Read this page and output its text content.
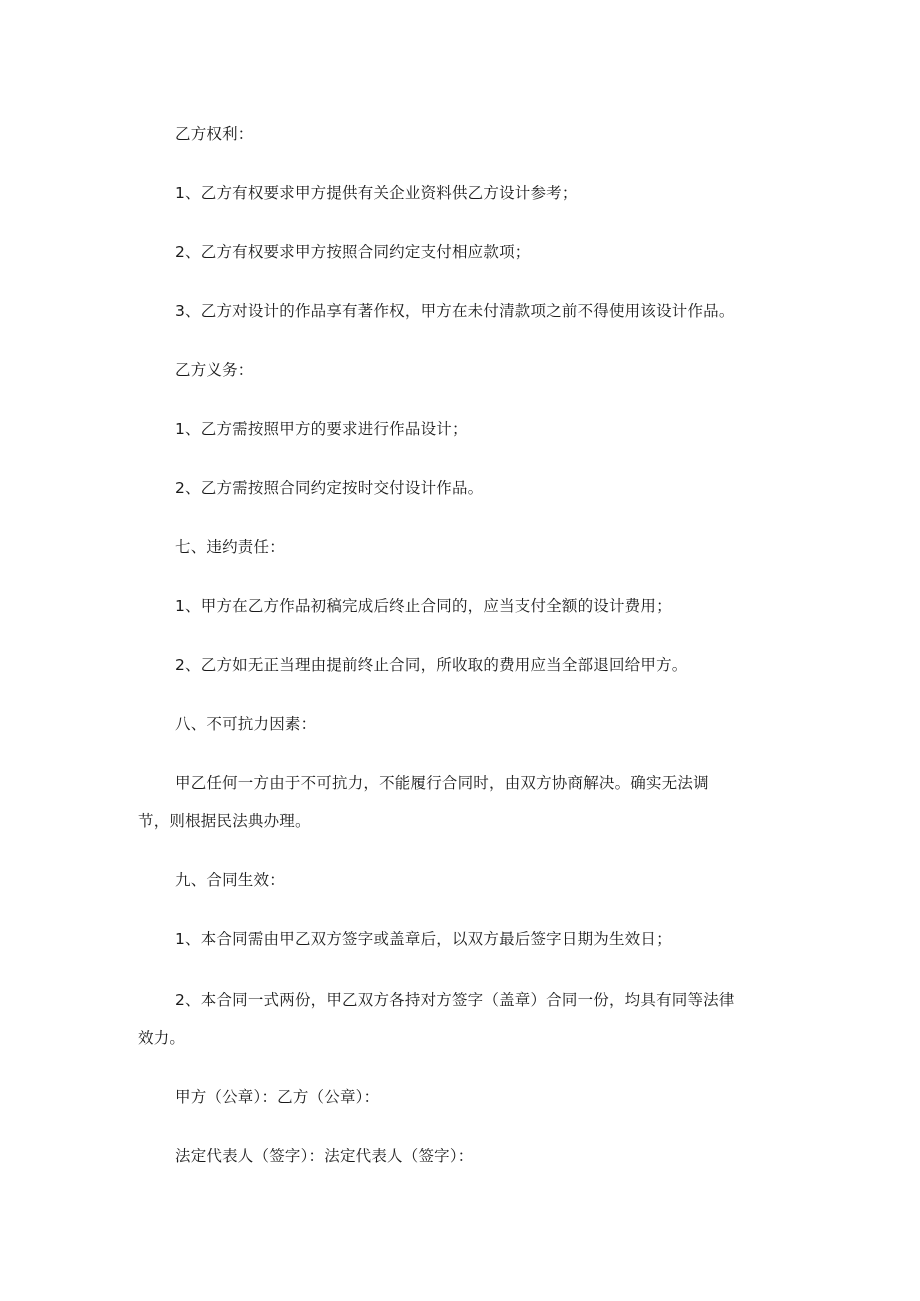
乙方权利：
1、乙方有权要求甲方提供有关企业资料供乙方设计参考；
2、乙方有权要求甲方按照合同约定支付相应款项；
3、乙方对设计的作品享有著作权，甲方在未付清款项之前不得使用该设计作品。
乙方义务：
1、乙方需按照甲方的要求进行作品设计；
2、乙方需按照合同约定按时交付设计作品。
七、违约责任：
1、甲方在乙方作品初稿完成后终止合同的，应当支付全额的设计费用；
2、乙方如无正当理由提前终止合同，所收取的费用应当全部退回给甲方。
八、不可抗力因素：
甲乙任何一方由于不可抗力，不能履行合同时，由双方协商解决。确实无法调
节，则根据民法典办理。
九、合同生效：
1、本合同需由甲乙双方签字或盖章后，以双方最后签字日期为生效日；
2、本合同一式两份，甲乙双方各持对方签字（盖章）合同一份，均具有同等法律
效力。
甲方（公章）：乙方（公章）：
法定代表人（签字）：法定代表人（签字）：
